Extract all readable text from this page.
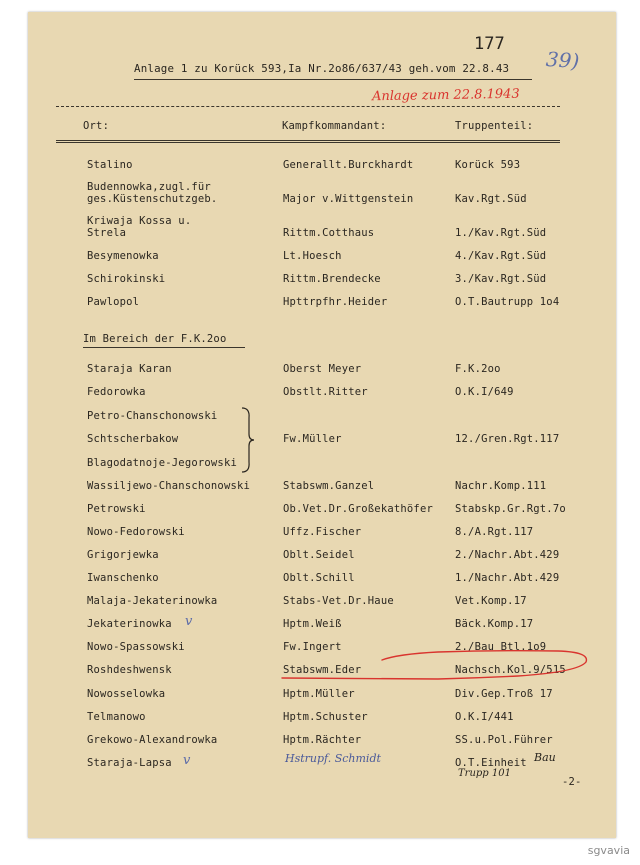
177
39)
Anlage 1 zu Korück 593,Ia Nr.2o86/637/43 geh.vom 22.8.43
Anlage zum 22.8.1943
Ort:	Kampfkommandant:	Truppenteil:
Stalino	Generallt.Burckhardt	Korück 593
Budennowka,zugl.für
ges.Küstenschutzgeb.	Major v.Wittgenstein	Kav.Rgt.Süd
Kriwaja Kossa u.
Strela	Rittm.Cotthaus	1./Kav.Rgt.Süd
Besymenowka	Lt.Hoesch	4./Kav.Rgt.Süd
Schirokinski	Rittm.Brendecke	3./Kav.Rgt.Süd
Pawlopol	Hpttrpfhr.Heider	O.T.Bautrupp 1o4
Im Bereich der F.K.2oo
Staraja Karan	Oberst Meyer	F.K.2oo
Fedorowka	Obstlt.Ritter	O.K.I/649
Petro-Chanschonowski
Schtscherbakow	Fw.Müller	12./Gren.Rgt.117
Blagodatnoje-Jegorowski
Wassiljewo-Chanschonowski	Stabswm.Ganzel	Nachr.Komp.111
Petrowski	Ob.Vet.Dr.Großekathöfer Stabskp.Gr.Rgt.7o
Nowo-Fedorowski	Uffz.Fischer	8./A.Rgt.117
Grigorjewka	Oblt.Seidel	2./Nachr.Abt.429
Iwanschenko	Oblt.Schill	1./Nachr.Abt.429
Malaja-Jekaterinowka	Stabs-Vet.Dr.Haue	Vet.Komp.17
Jekaterinowka v	Hptm.Weiß	Bäck.Komp.17
Nowo-Spassowski	Fw.Ingert	2./Bau Btl.1o9
Roshdeshwensk	Stabswm.Eder	Nachsch.Kol.9/515
Nowosselowka	Hptm.Müller	Div.Gep.Troß 17
Telmanowo	Hptm.Schuster	O.K.I/441
Grekowo-Alexandrowka	Hptm.Rächter	SS.u.Pol.Führer
Staraja-Lapsa v	Hstrupf. Schmidt	O.T.Einheit Bau
Trupp 101
-2-
sgvavia
